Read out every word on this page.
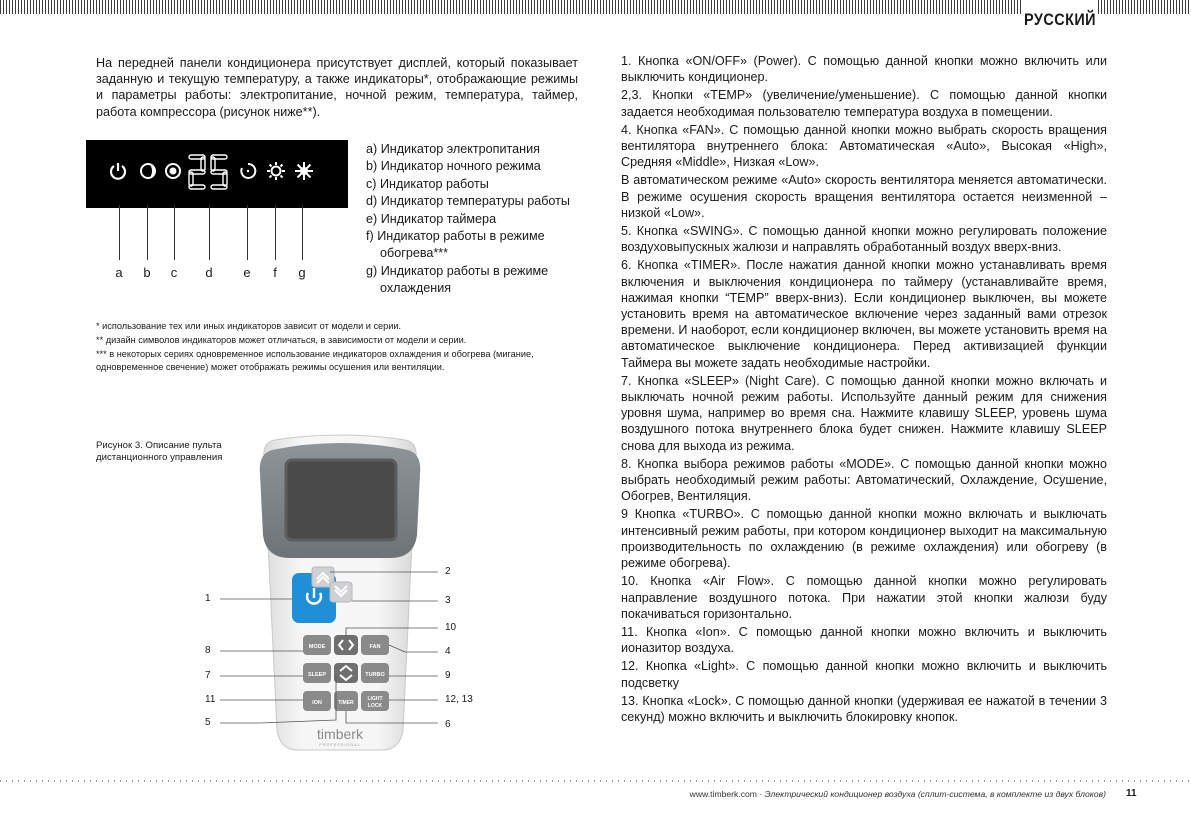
РУССКИЙ
На передней панели кондиционера присутствует дисплей, который показывает заданную и текущую температуру, а также индикаторы*, отображающие режимы и параметры работы: электропитание, ночной режим, температура, таймер, работа компрессора (рисунок ниже**).
a b c d e	f	g
a) Индикатор электропитания
b) Индикатор ночного режима
c) Индикатор работы
d) Индикатор температуры работы
e) Индикатор таймера
f) Индикатор работы в режиме обогрева***
g) Индикатор работы в режиме охлаждения
* использование тех или иных индикаторов зависит от модели и серии.
** дизайн символов индикаторов может отличаться, в зависимости от модели и серии.
*** в некоторых сериях одновременное использование индикаторов охлаждения и обогрева (мигание, одновременное свечение) может отображать режимы осушения или вентиляции.
Рисунок 3. Описание пульта дистанционного управления
MODE	FAN
SLEEP	TURBO
ION	TIMER
LIGHT
LOCK
timberk
PROFESSIONAL
1
8
7
11
5
2
3
10
4
9
12, 13
6

1. Кнопка «ON/OFF» (Power). С помощью данной кнопки можно включить или выключить кондиционер.

2,3. Кнопки «TEMP» (увеличение/уменьшение). С помощью данной кнопки задается необходимая пользователю температура воздуха в помещении.

4. Кнопка «FAN». С помощью данной кнопки можно выбрать скорость вращения вентилятора внутреннего блока: Автоматическая «Auto», Высокая «High», Средняя «Middle», Низкая «Low».

В автоматическом режиме «Auto» скорость вентилятора меняется автоматически. В режиме осушения скорость вращения вентилятора остается неизменной – низкой «Low».

5. Кнопка «SWING». С помощью данной кнопки можно регулировать положение воздуховыпускных жалюзи и направлять обработанный воздух вверх-вниз.

6. Кнопка «TIMER». После нажатия данной кнопки можно устанавливать время включения и выключения кондиционера по таймеру (устанавливайте время, нажимая кнопки “TEMP” вверх-вниз). Если кондиционер выключен, вы можете установить время на автоматическое включение через заданный вами отрезок времени. И наоборот, если кондиционер включен, вы можете установить время на автоматическое выключение кондиционера. Перед активизацией функции Таймера вы можете задать необходимые настройки.

7. Кнопка «SLEEP» (Night Care). С помощью данной кнопки можно включать и выключать ночной режим работы. Используйте данный режим для снижения уровня шума, например во время сна. Нажмите клавишу SLEEP, уровень шума воздушного потока внутреннего блока будет снижен. Нажмите клавишу SLEEP снова для выхода из режима.

8. Кнопка выбора режимов работы «MODE». С помощью данной кнопки можно выбрать необходимый режим работы: Автоматический, Охлаждение, Осушение, Обогрев, Вентиляция.

9 Кнопка «TURBO». С помощью данной кнопки можно включать и выключать интенсивный режим работы, при котором кондиционер выходит на максимальную производительность по охлаждению (в режиме охлаждения) или обогреву (в режиме обогрева).

10. Кнопка «Air Flow». С помощью данной кнопки можно регулировать направление воздушного потока. При нажатии этой кнопки жалюзи буду покачиваться горизонтально.

11. Кнопка «Ion». С помощью данной кнопки можно включить и выключить ионазитор воздуха.

12. Кнопка «Light». С помощью данной кнопки можно включить и выключить подсветку

13. Кнопка «Lock». С помощью данной кнопки (удерживая ее нажатой в течении 3 секунд) можно включить и выключить блокировку кнопок.

www.timberk.com · Электрический кондиционер воздуха (сплит-система, в комплекте из двух блоков) 11
